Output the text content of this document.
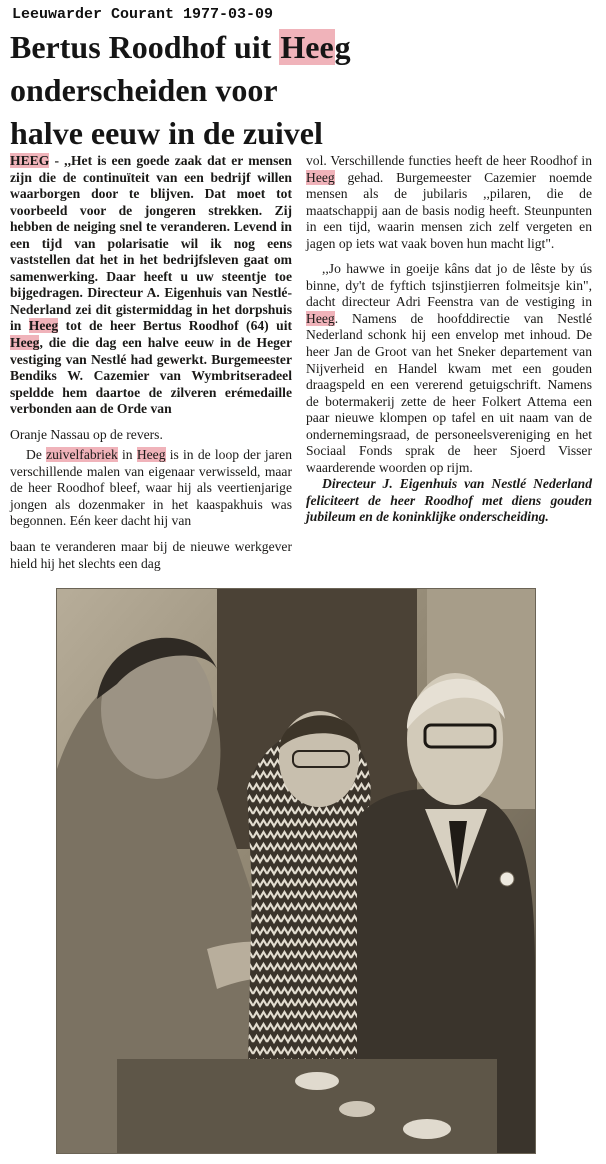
Leeuwarder Courant 1977-03-09
Bertus Roodhof uit Heeg
onderscheiden voor
halve eeuw in de zuivel

HEEG - ,,Het is een goede zaak dat er mensen zijn die de continuïteit van een bedrijf willen waarborgen door te blijven. Dat moet tot voorbeeld voor de jongeren strekken. Zij hebben de neiging snel te veranderen. Levend in een tijd van polarisatie wil ik nog eens vaststellen dat het in het bedrijfsleven gaat om samenwerking. Daar heeft u uw steentje toe bijgedragen. Directeur A. Eigenhuis van Nestlé-Nederland zei dit gistermiddag in het dorpshuis in Heeg tot de heer Bertus Roodhof (64) uit Heeg, die die dag een halve eeuw in de Heger vestiging van Nestlé had gewerkt. Burgemeester Bendiks W. Cazemier van Wymbritseradeel speldde hem daartoe de zilveren erémedaille verbonden aan de Orde van

Oranje Nassau op de revers.

De zuivelfabriek in Heeg is in de loop der jaren verschillende malen van eigenaar verwisseld, maar de heer Roodhof bleef, waar hij als veertienjarige jongen als dozenmaker in het kaaspakhuis was begonnen. Eén keer dacht hij van

baan te veranderen maar bij de nieuwe werkgever hield hij het slechts een dag

vol. Verschillende functies heeft de heer Roodhof in Heeg gehad. Burgemeester Cazemier noemde mensen als de jubilaris ,,pilaren, die de maatschappij aan de basis nodig heeft. Steunpunten in een tijd, waarin mensen zich zelf vergeten en jagen op iets wat vaak boven hun macht ligt".

,,Jo hawwe in goeije kâns dat jo de lêste by ús binne, dy't de fyftich tsjinstjierren folmeitsje kin", dacht directeur Adri Feenstra van de vestiging in Heeg. Namens de hoofddirectie van Nestlé Nederland schonk hij een envelop met inhoud. De heer Jan de Groot van het Sneker departement van Nijverheid en Handel kwam met een gouden draagspeld en een vererend getuigschrift. Namens de botermakerij zette de heer Folkert Attema een paar nieuwe klompen op tafel en uit naam van de ondernemingsraad, de personeelsvereniging en het Sociaal Fonds sprak de heer Sjoerd Visser waarderende woorden op rijm.

Directeur J. Eigenhuis van Nestlé Nederland feliciteert de heer Roodhof met diens gouden jubileum en de koninklijke onderscheiding.
